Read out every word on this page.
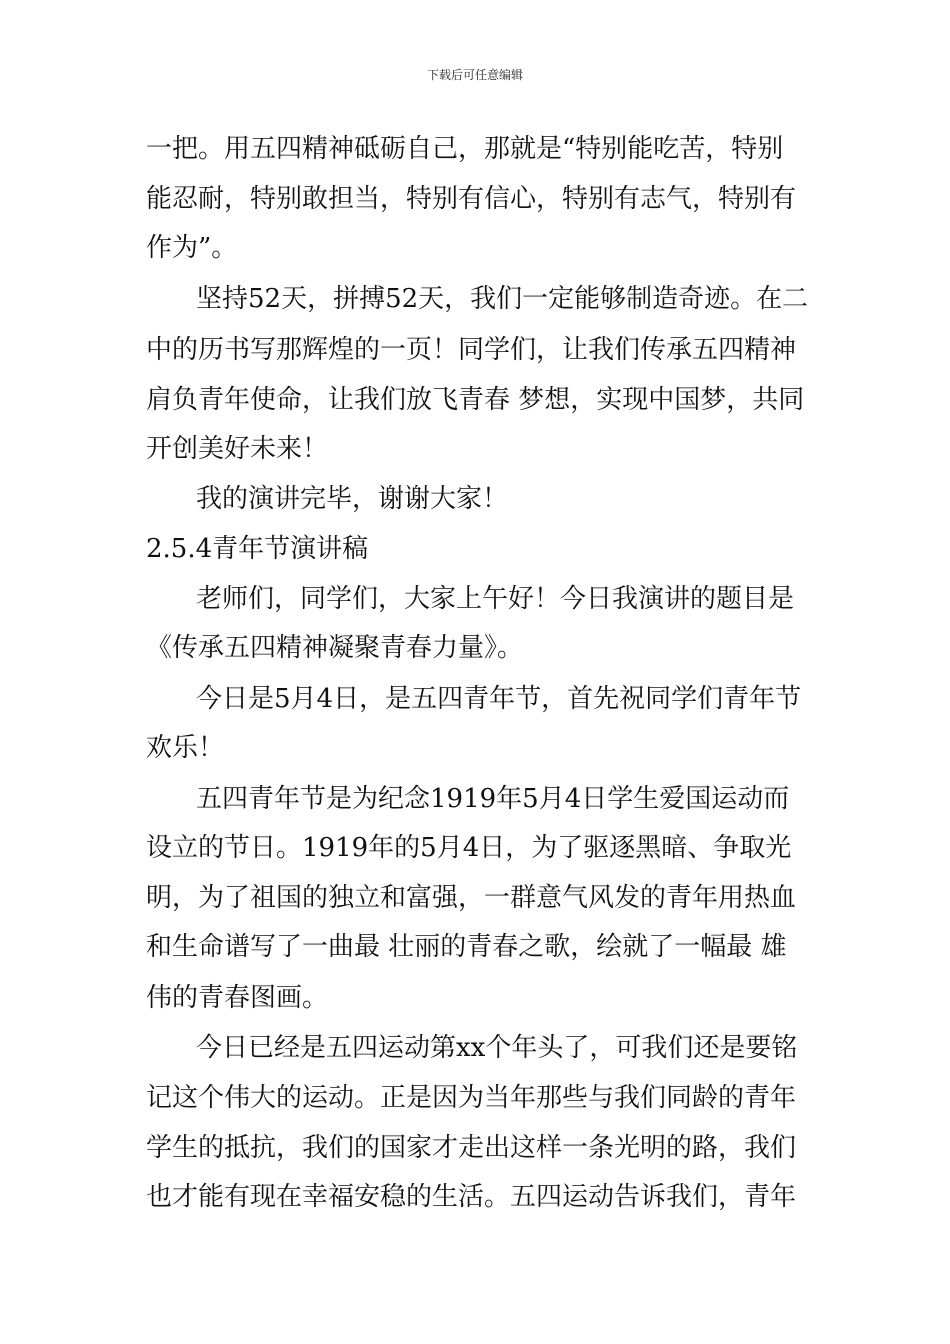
下载后可任意编辑
一把。用五四精神砥砺自己，那就是“特别能吃苦，特别
能忍耐，特别敢担当，特别有信心，特别有志气，特别有
作为”。
坚持52天，拼搏52天，我们一定能够制造奇迹。在二
中的历书写那辉煌的一页！同学们，让我们传承五四精神
肩负青年使命，让我们放飞青春 梦想，实现中国梦，共同
开创美好未来！
我的演讲完毕，谢谢大家！
2.5.4青年节演讲稿
老师们，同学们，大家上午好！今日我演讲的题目是
《传承五四精神凝聚青春力量》。
今日是5月4日，是五四青年节，首先祝同学们青年节
欢乐！
五四青年节是为纪念1919年5月4日学生爱国运动而
设立的节日。1919年的5月4日，为了驱逐黑暗、争取光
明，为了祖国的独立和富强，一群意气风发的青年用热血
和生命谱写了一曲最 壮丽的青春之歌，绘就了一幅最 雄
伟的青春图画。
今日已经是五四运动第xx个年头了，可我们还是要铭
记这个伟大的运动。正是因为当年那些与我们同龄的青年
学生的抵抗，我们的国家才走出这样一条光明的路，我们
也才能有现在幸福安稳的生活。五四运动告诉我们，青年
